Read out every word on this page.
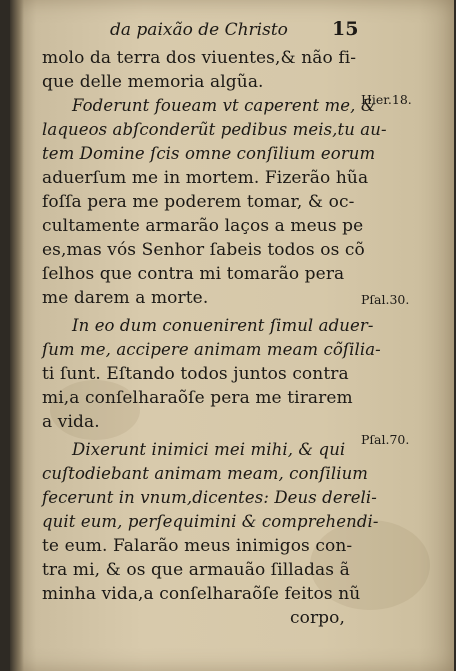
da paixão de Christo 15
molo da terra dos viuentes,& não fi-
que delle memoria algũa.
Foderunt foueam vt caperent me, &
laqueos abſconderũt pedibus meis,tu au-
tem Domine ſcis omne conſilium eorum
aduerſum me in mortem. Fizerão hũa
foſſa pera me poderem tomar, & oc-
cultamente armarão laços a meus pe
es,mas vós Senhor ſabeis todos os cõ
ſelhos que contra mi tomarão pera
me darem a morte.
In eo dum conuenirent ſimul aduer-
ſum me, accipere animam meam cõſilia-
ti ſunt. Eſtando todos juntos contra
mi,a conſelharaõſe pera me tirarem
a vida.
Dixerunt inimici mei mihi, & qui
cuſtodiebant animam meam, conſilium
fecerunt in vnum,dicentes: Deus dereli-
quit eum, perſequimini & comprehendi-
te eum. Falarão meus inimigos con-
tra mi, & os que armauão ſilladas ã
minha vida,a conſelharaõſe feitos nũ
corpo,
Hier.18.
Pſal.30.
Pſal.70.
